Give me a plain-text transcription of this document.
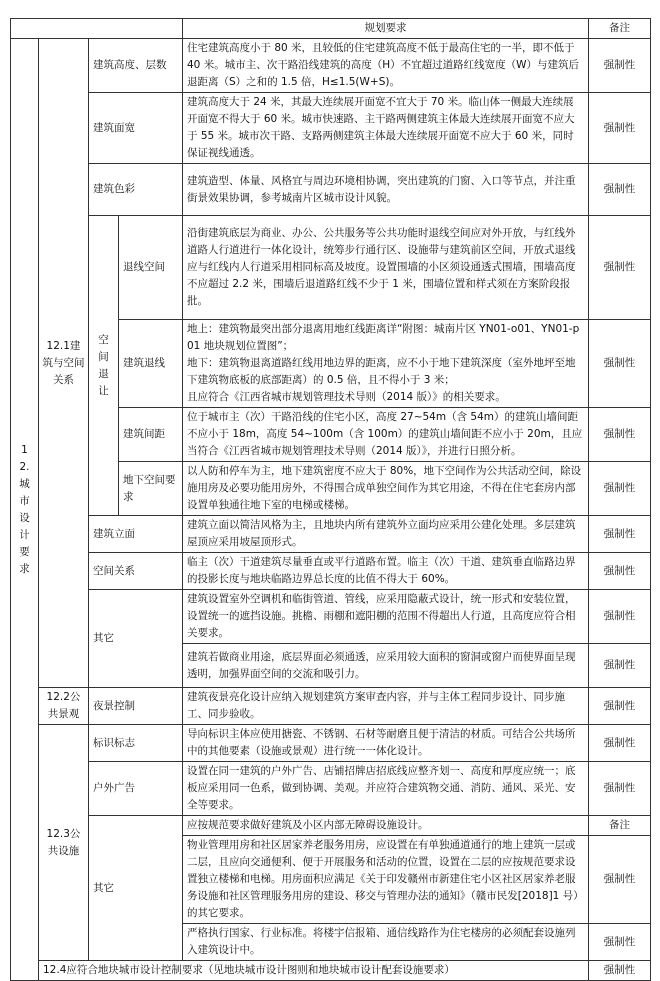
				规划要求	备注
12.城市设计要求	12.1建筑与空间关系	建筑高度、层数		住宅建筑高度小于 80 米，且较低的住宅建筑高度不低于最高住宅的一半，即不低于 40 米。城市主、次干路沿线建筑的高度（H）不宜超过道路红线宽度（W）与建筑后退距离（S）之和的 1.5 倍，H≤1.5(W+S)。	强制性
		建筑面宽		建筑高度大于 24 米，其最大连续展开面宽不宜大于 70 米。临山体一侧最大连续展开面宽不得大于 60 米。城市快速路、主干路两侧建筑主体最大连续展开面宽不应大于 55 米。城市次干路、支路两侧建筑主体最大连续展开面宽不应大于 60 米，同时保证视线通透。	强制性
		建筑色彩		建筑造型、体量、风格宜与周边环境相协调，突出建筑的门窗、入口等节点，并注重街景效果协调，参考城南片区城市设计风貌。	强制性
		空间退让	退线空间	沿街建筑底层为商业、办公、公共服务等公共功能时退线空间应对外开放，与红线外道路人行道进行一体化设计，统筹步行通行区、设施带与建筑前区空间，开放式退线应与红线内人行道采用相同标高及坡度。设置围墙的小区须设通透式围墙，围墙高度不应超过 2.2 米，围墙后退道路红线不少于 1 米，围墙位置和样式须在方案阶段报批。	强制性
			建筑退线	地上：建筑物最突出部分退离用地红线距离详“附图：城南片区 YN01-o01、YN01-p01 地块规划位置图”；
地下：建筑物退离道路红线用地边界的距离，应不小于地下建筑深度（室外地坪至地下建筑物底板的底部距离）的 0.5 倍，且不得小于 3 米；
且应符合《江西省城市规划管理技术导则（2014 版）》的相关要求。	强制性
			建筑间距	位于城市主（次）干路沿线的住宅小区，高度 27~54m（含 54m）的建筑山墙间距不应小于 18m，高度 54~100m（含 100m）的建筑山墙间距不应小于 20m，且应当符合《江西省城市规划管理技术导则（2014 版）》，并进行日照分析。	强制性
			地下空间要求	以人防和停车为主，地下建筑密度不应大于 80%，地下空间作为公共活动空间，除设施用房及必要功能用房外，不得围合成单独空间作为其它用途，不得在住宅套房内部设置单独通往地下室的电梯或楼梯。	强制性
		建筑立面		建筑立面以简洁风格为主，且地块内所有建筑外立面均应采用公建化处理。多层建筑屋顶应采用坡屋顶形式。	强制性
		空间关系		临主（次）干道建筑尽量垂直或平行道路布置。临主（次）干道、建筑垂直临路边界的投影长度与地块临路边界总长度的比值不得大于 60%。	强制性
		其它		建筑设置室外空调机和临街管道、管线，应采用隐蔽式设计，统一形式和安装位置，设置统一的遮挡设施。挑檐、雨棚和遮阳棚的范围不得超出人行道，且高度应符合相关要求。	强制性
				建筑若做商业用途，底层界面必须通透，应采用较大面积的窗洞或窗户而使界面呈现透明，加强界面空间的交流和吸引力。	强制性
	12.2公共景观	夜景控制		建筑夜景亮化设计应纳入规划建筑方案审查内容，并与主体工程同步设计、同步施工、同步验收。	强制性
	12.3公共设施	标识标志		导向标识主体应使用搪瓷、不锈钢、石材等耐磨且便于清洁的材质。可结合公共场所中的其他要素（设施或景观）进行统一一体化设计。	强制性
		户外广告		设置在同一建筑的户外广告、店铺招牌店招底线应整齐划一、高度和厚度应统一；底板应采用同一色系，做到协调、美观。并应符合建筑物交通、消防、通风、采光、安全等要求。	强制性
		其它		应按规范要求做好建筑及小区内部无障碍设施设计。	备注
				物业管理用房和社区居家养老服务用房，应设置在有单独通道通行的地上建筑一层或二层，且应向交通便利、便于开展服务和活动的位置，设置在二层的应按规范要求设置独立楼梯和电梯。用房面积应满足《关于印发赣州市新建住宅小区社区居家养老服务设施和社区管理服务用房的建设、移交与管理办法的通知》（赣市民发[2018]1 号）的其它要求。	强制性
				严格执行国家、行业标准。将楼宇信报箱、通信线路作为住宅楼房的必须配套设施列入建筑设计中。	强制性
	12.4应符合地块城市设计控制要求（见地块城市设计图则和地块城市设计配套设施要求）				强制性
